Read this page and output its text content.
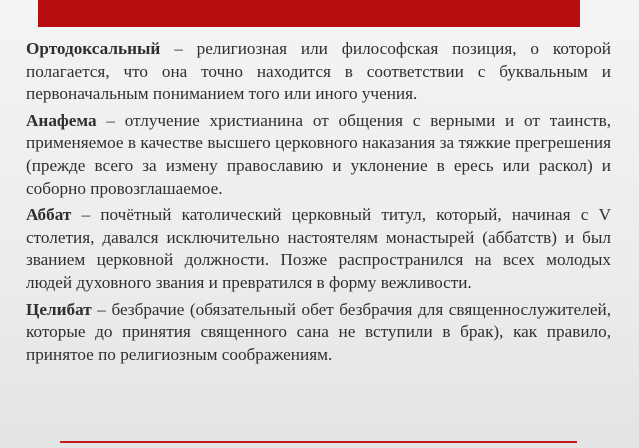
Ортодоксальный – религиозная или философская позиция, о которой полагается, что она точно находится в соответствии с буквальным и первоначальным пониманием того или иного учения.

Анафема – отлучение христианина от общения с верными и от таинств, применяемое в качестве высшего церковного наказания за тяжкие прегрешения (прежде всего за измену православию и уклонение в ересь или раскол) и соборно провозглашаемое.

Аббат – почётный католический церковный титул, который, начиная с V столетия, давался исключительно настоятелям монастырей (аббатств) и был званием церковной должности. Позже распространился на всех молодых людей духовного звания и превратился в форму вежливости.

Целибат – безбрачие (обязательный обет безбрачия для священнослужителей, которые до принятия священного сана не вступили в брак), как правило, принятое по религиозным соображениям.
